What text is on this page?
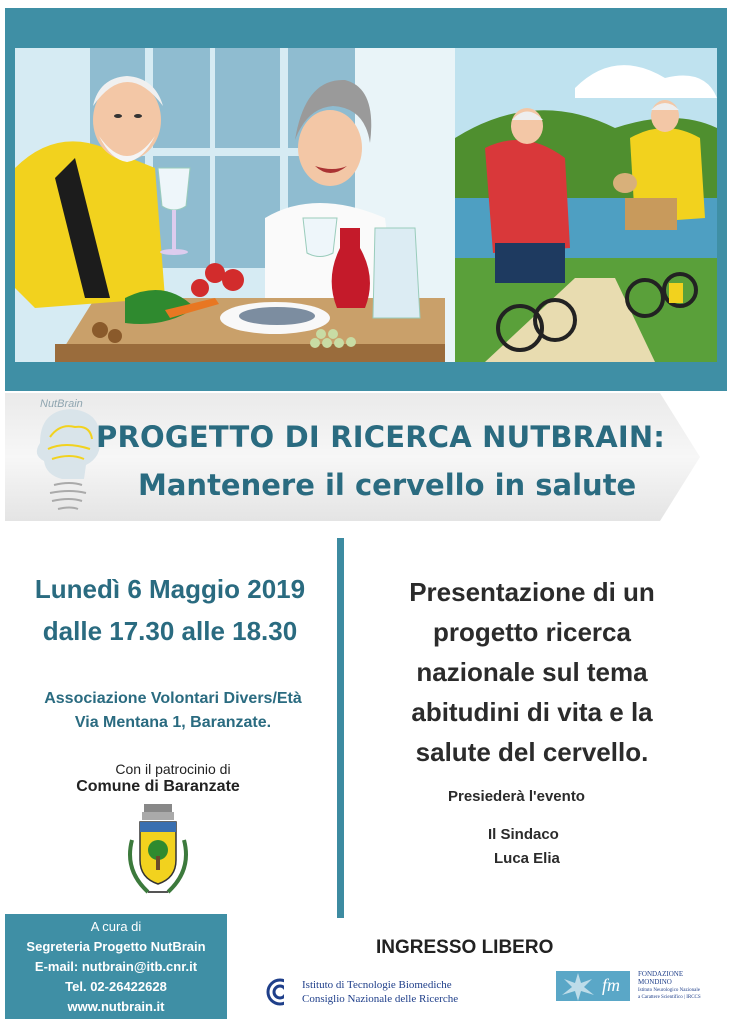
NutBrain
PROGETTO DI RICERCA NUTBRAIN:
Mantenere il cervello in salute
Lunedì 6 Maggio 2019
dalle 17.30 alle 18.30
Associazione Volontari Divers/Età
Via Mentana 1, Baranzate.
Con il patrocinio di
Comune di Baranzate
A cura di
Segreteria Progetto NutBrain
E-mail: nutbrain@itb.cnr.it
Tel. 02-26422628
www.nutbrain.it
Presentazione di un
progetto ricerca
nazionale sul tema
abitudini di vita e la
salute del cervello.
Presiederà l'evento
Il Sindaco
Luca Elia
INGRESSO LIBERO
Istituto di Tecnologie Biomediche
Consiglio Nazionale delle Ricerche
fm
FONDAZIONE
MONDINO
Istituto Neurologico Nazionale
a Carattere Scientifico | IRCCS
